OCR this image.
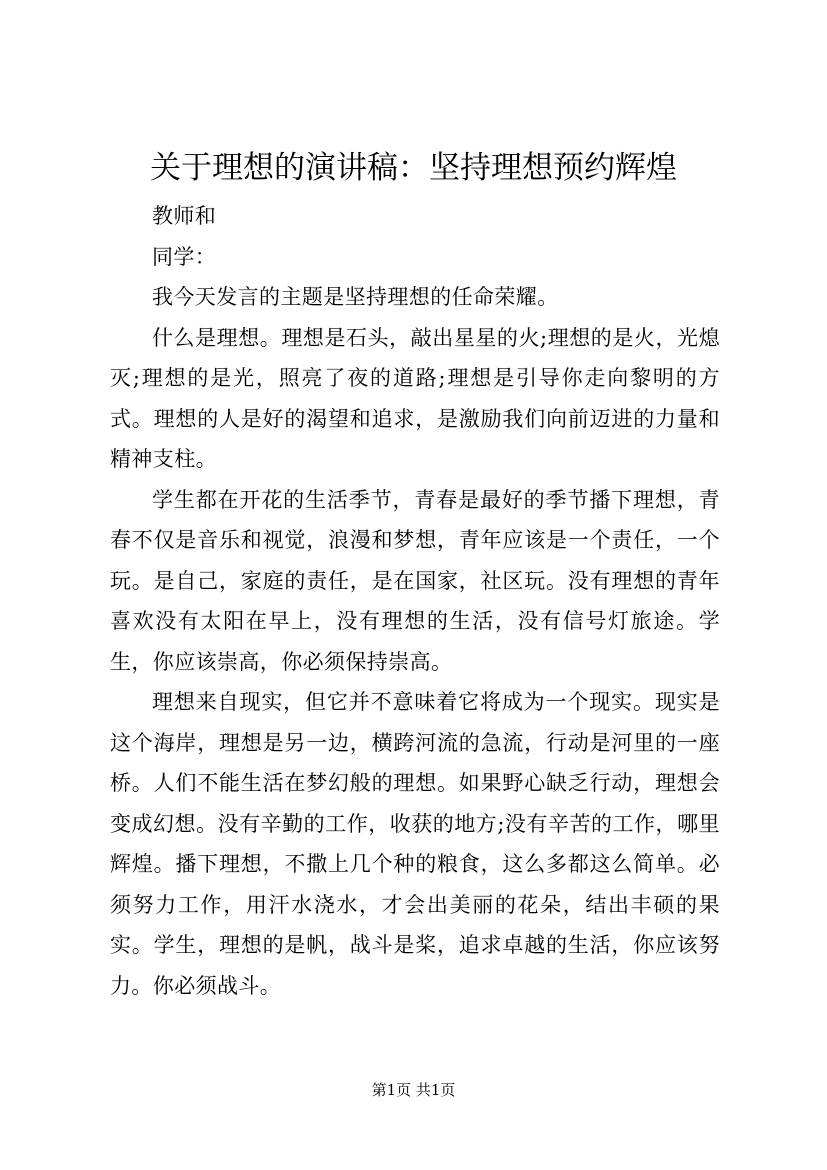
关于理想的演讲稿：坚持理想预约辉煌

教师和

同学：

我今天发言的主题是坚持理想的任命荣耀。

什么是理想。理想是石头，敲出星星的火;理想的是火，光熄灭;理想的是光，照亮了夜的道路;理想是引导你走向黎明的方式。理想的人是好的渴望和追求，是激励我们向前迈进的力量和精神支柱。

学生都在开花的生活季节，青春是最好的季节播下理想，青春不仅是音乐和视觉，浪漫和梦想，青年应该是一个责任，一个玩。是自己，家庭的责任，是在国家，社区玩。没有理想的青年喜欢没有太阳在早上，没有理想的生活，没有信号灯旅途。学生，你应该崇高，你必须保持崇高。

理想来自现实，但它并不意味着它将成为一个现实。现实是这个海岸，理想是另一边，横跨河流的急流，行动是河里的一座桥。人们不能生活在梦幻般的理想。如果野心缺乏行动，理想会变成幻想。没有辛勤的工作，收获的地方;没有辛苦的工作，哪里辉煌。播下理想，不撒上几个种的粮食，这么多都这么简单。必须努力工作，用汗水浇水，才会出美丽的花朵，结出丰硕的果实。学生，理想的是帆，战斗是桨，追求卓越的生活，你应该努力。你必须战斗。

第1页 共1页
